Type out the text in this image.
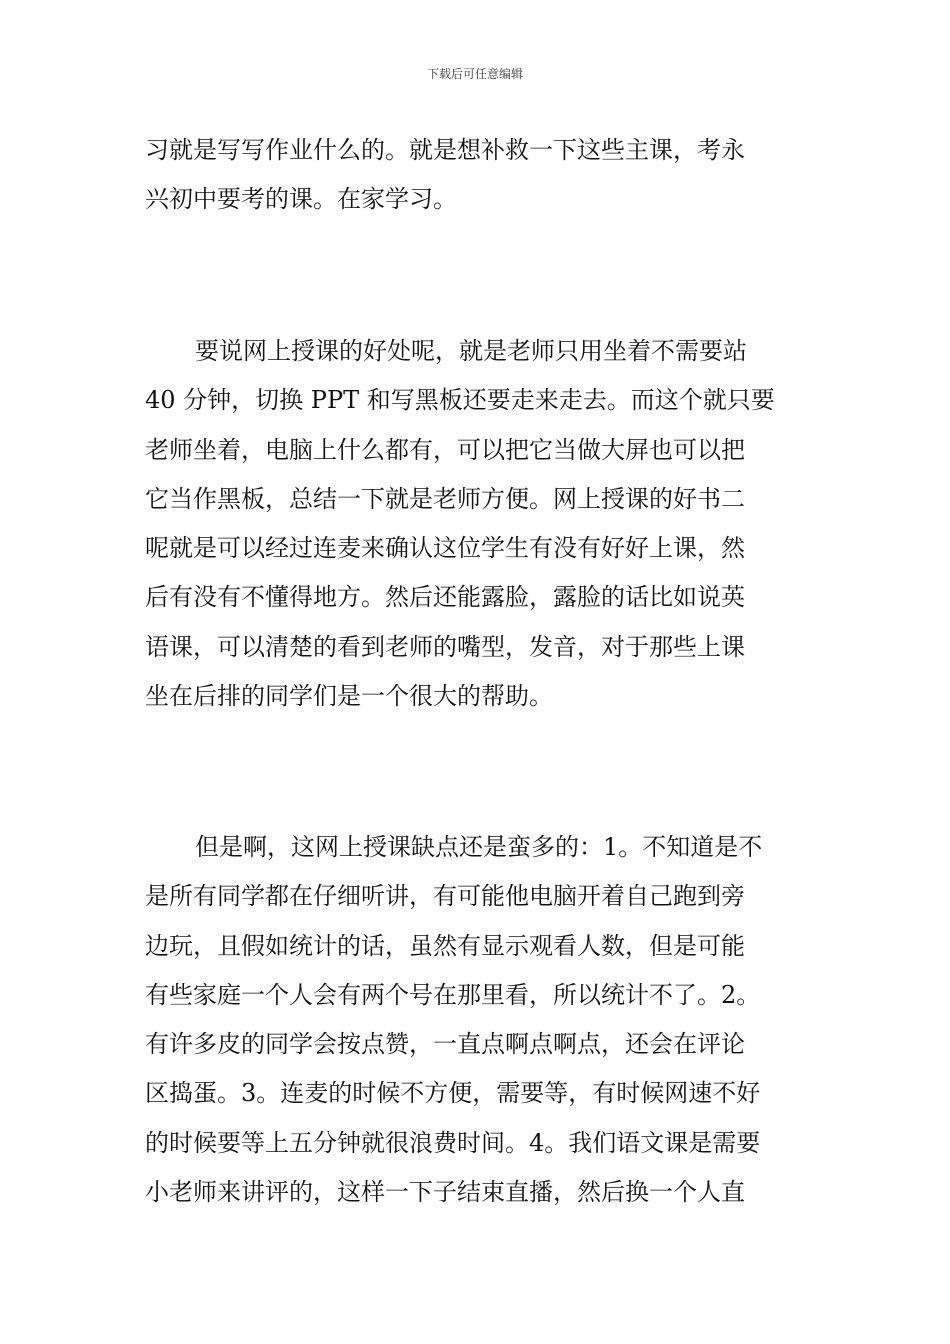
下载后可任意编辑
习就是写写作业什么的。就是想补救一下这些主课，考永
兴初中要考的课。在家学习。
要说网上授课的好处呢，就是老师只用坐着不需要站
40 分钟，切换 PPT 和写黑板还要走来走去。而这个就只要
老师坐着，电脑上什么都有，可以把它当做大屏也可以把
它当作黑板，总结一下就是老师方便。网上授课的好书二
呢就是可以经过连麦来确认这位学生有没有好好上课，然
后有没有不懂得地方。然后还能露脸，露脸的话比如说英
语课，可以清楚的看到老师的嘴型，发音，对于那些上课
坐在后排的同学们是一个很大的帮助。
但是啊，这网上授课缺点还是蛮多的：1。不知道是不
是所有同学都在仔细听讲，有可能他电脑开着自己跑到旁
边玩，且假如统计的话，虽然有显示观看人数，但是可能
有些家庭一个人会有两个号在那里看，所以统计不了。2。
有许多皮的同学会按点赞，一直点啊点啊点，还会在评论
区捣蛋。3。连麦的时候不方便，需要等，有时候网速不好
的时候要等上五分钟就很浪费时间。4。我们语文课是需要
小老师来讲评的，这样一下子结束直播，然后换一个人直
